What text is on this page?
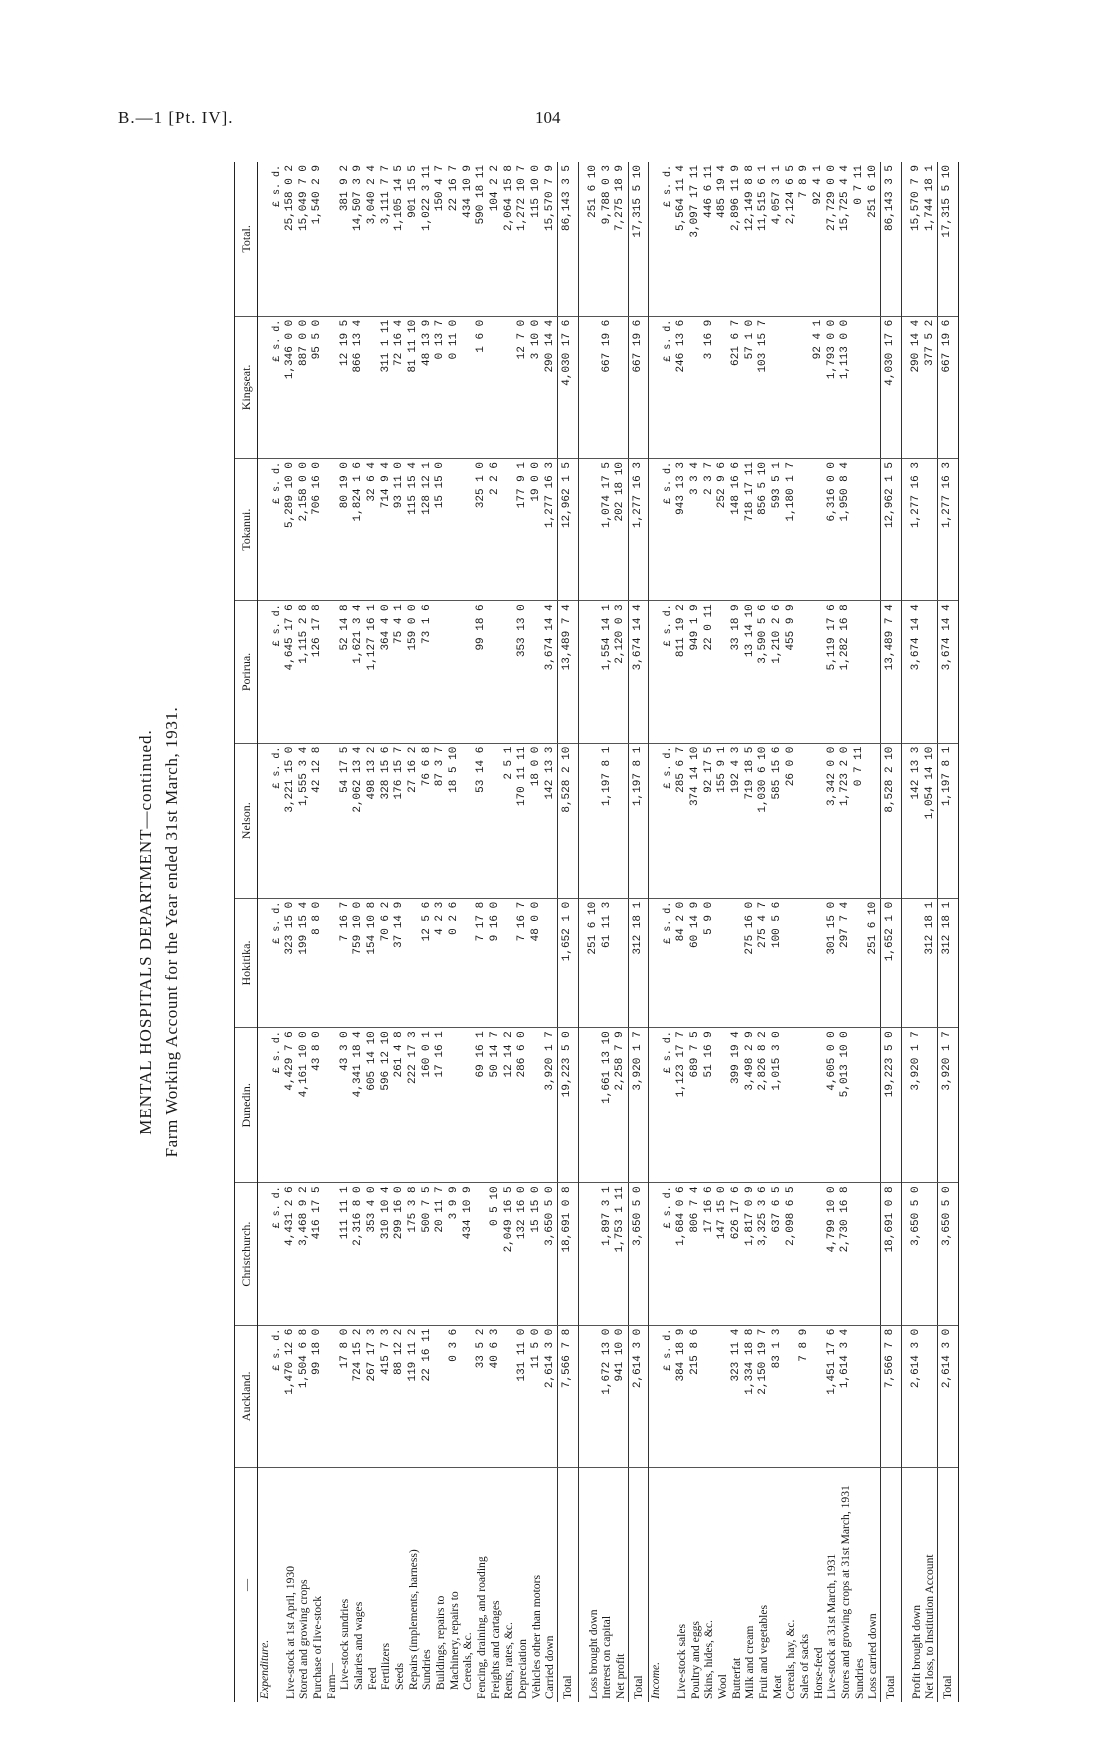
B.—1 [Pt. IV].	104
MENTAL HOSPITALS DEPARTMENT—continued. Farm Working Account for the Year ended 31st March, 1931.
—	Auckland.	Christchurch.	Dunedin.	Hokitika.	Nelson.	Porirua.	Tokanui.	Kingseat.	Total.
Expenditure.									
	£ s. d.	£ s. d.	£ s. d.	£ s. d.	£ s. d.	£ s. d.	£ s. d.	£ s. d.	£ s. d.
Live-stock at 1st April, 1930	1,470 12 6	4,431 2 6	4,429 7 6	323 15 0	3,221 15 0	4,645 17 6	5,289 10 0	1,346 0 0	25,158 0 2
Stored and growing crops	1,504 6 8	3,468 9 2	4,161 10 0	199 15 4	1,555 3 4	1,115 2 8	2,158 0 0	887 0 0	15,049 7 0
Purchase of live-stock	99 18 0	416 17 5	43 8 0	8 8 0	42 12 8	126 17 8	706 16 0	95 5 0	1,540 2 9
Farm—									
Live-stock sundries	17 8 0	111 11 1	43 3 0	7 16 7	54 17 5	52 14 8	80 19 0	12 19 5	381 9 2
Salaries and wages	724 15 2	2,316 8 0	4,341 18 4	759 10 0	2,062 13 4	1,621 3 4	1,824 1 6	866 13 4	14,507 3 9
Feed	267 17 3	353 4 0	605 14 10	154 10 8	498 13 2	1,127 16 1	32 6 4		3,040 2 4
Fertilizers	415 7 3	310 10 4	596 12 10	70 6 2	328 15 6	364 4 0	714 9 4	311 1 11	3,111 7 7
Seeds	88 12 2	299 16 0	261 4 8	37 14 9	176 15 7	75 4 1	93 11 0	72 16 4	1,105 14 5
Repairs (implements, harness)	119 11 2	175 3 8	222 17 3		27 16 2	159 0 0	115 15 4	81 11 10	901 15 5
Sundries	22 16 11	500 7 5	160 0 1	12 5 6	76 6 8	73 1 6	128 12 1	48 13 9	1,022 3 11
Buildings, repairs to		20 11 7	17 16 1	4 2 3	87 3 7		15 15 0	0 13 7	150 4 7
Machinery, repairs to	0 3 6	3 9 9		0 2 6	18 5 10			0 11 0	22 16 7
Cereals, &c.		434 10 9							434 10 9
Fencing, draining, and roading	33 5 2		69 16 1	7 17 8	53 14 6	99 18 6	325 1 0	1 6 0	590 18 11
Freights and cartages	40 6 3	0 5 10	50 14 7	9 16 0			2 2 6		104 2 2
Rents, rates, &c.		2,049 16 5	12 14 2		2 5 1				2,064 15 8
Depreciation	131 11 0	132 16 0	286 6 0	7 16 7	170 11 11	353 13 0	177 9 1	12 7 0	1,272 10 7
Vehicles other than motors	11 5 0	15 15 0		48 0 0	18 0 0		19 0 0	3 10 0	115 10 0
Carried down	2,614 3 0	3,650 5 0	3,920 1 7		142 13 3	3,674 14 4	1,277 16 3	290 14 4	15,570 7 9
Total	7,566 7 8	18,691 0 8	19,223 5 0	1,652 1 0	8,528 2 10	13,489 7 4	12,962 1 5	4,030 17 6	86,143 3 5

Loss brought down				251 6 10					251 6 10
Interest on capital	1,672 13 0	1,897 3 1	1,661 13 10	61 11 3	1,197 8 1	1,554 14 1	1,074 17 5	667 19 6	9,788 0 3
Net profit	941 10 0	1,753 1 11	2,258 7 9			2,120 0 3	202 18 10		7,275 18 9
Total	2,614 3 0	3,650 5 0	3,920 1 7	312 18 1	1,197 8 1	3,674 14 4	1,277 16 3	667 19 6	17,315 5 10
Income.									
	£ s. d.	£ s. d.	£ s. d.	£ s. d.	£ s. d.	£ s. d.	£ s. d.	£ s. d.	£ s. d.
Live-stock sales	384 18 9	1,684 0 6	1,123 17 7	84 2 0	285 6 7	811 19 2	943 13 3	246 13 6	5,564 11 4
Poultry and eggs	215 8 6	806 7 4	689 7 5	60 14 9	374 14 10	949 1 9	3 3 4		3,097 17 11
Skins, hides, &c.		17 16 6	51 16 9	5 9 0	92 17 5	22 0 11	2 3 7	3 16 9	446 6 11
Wool		147 15 0			155 9 1		252 9 6		485 19 4
Butterfat	323 11 4	626 17 6	399 19 4		192 4 3	33 18 9	148 16 6	621 6 7	2,896 11 9
Milk and cream	1,334 18 8	1,817 0 9	3,498 2 9	275 16 0	719 18 5	13 14 10	718 17 11	57 1 0	12,149 8 8
Fruit and vegetables	2,150 19 7	3,325 3 6	2,826 8 2	275 4 7	1,030 6 10	3,590 5 6	856 5 10	103 15 7	11,515 6 1
Meat	83 1 3	637 6 5	1,015 3 0	100 5 6	585 15 6	1,210 2 6	593 5 1		4,057 3 1
Cereals, hay, &c.		2,098 6 5			26 0 0	455 9 9	1,180 1 7		2,124 6 5
Sales of sacks	7 8 9								7 8 9
Horse-feed								92 4 1	92 4 1
Live-stock at 31st March, 1931	1,451 17 6	4,799 10 0	4,605 0 0	301 15 0	3,342 0 0	5,119 17 6	6,316 0 0	1,793 0 0	27,729 0 0
Stores and growing crops at 31st March, 1931	1,614 3 4	2,730 16 8	5,013 10 0	297 7 4	1,723 2 0	1,282 16 8	1,950 8 4	1,113 0 0	15,725 4 4
Sundries					0 7 11				0 7 11
Loss carried down				251 6 10					251 6 10
Total	7,566 7 8	18,691 0 8	19,223 5 0	1,652 1 0	8,528 2 10	13,489 7 4	12,962 1 5	4,030 17 6	86,143 3 5

Profit brought down	2,614 3 0	3,650 5 0	3,920 1 7		142 13 3	3,674 14 4	1,277 16 3	290 14 4	15,570 7 9
Net loss, to Institution Account				312 18 1	1,054 14 10			377 5 2	1,744 18 1
Total	2,614 3 0	3,650 5 0	3,920 1 7	312 18 1	1,197 8 1	3,674 14 4	1,277 16 3	667 19 6	17,315 5 10
